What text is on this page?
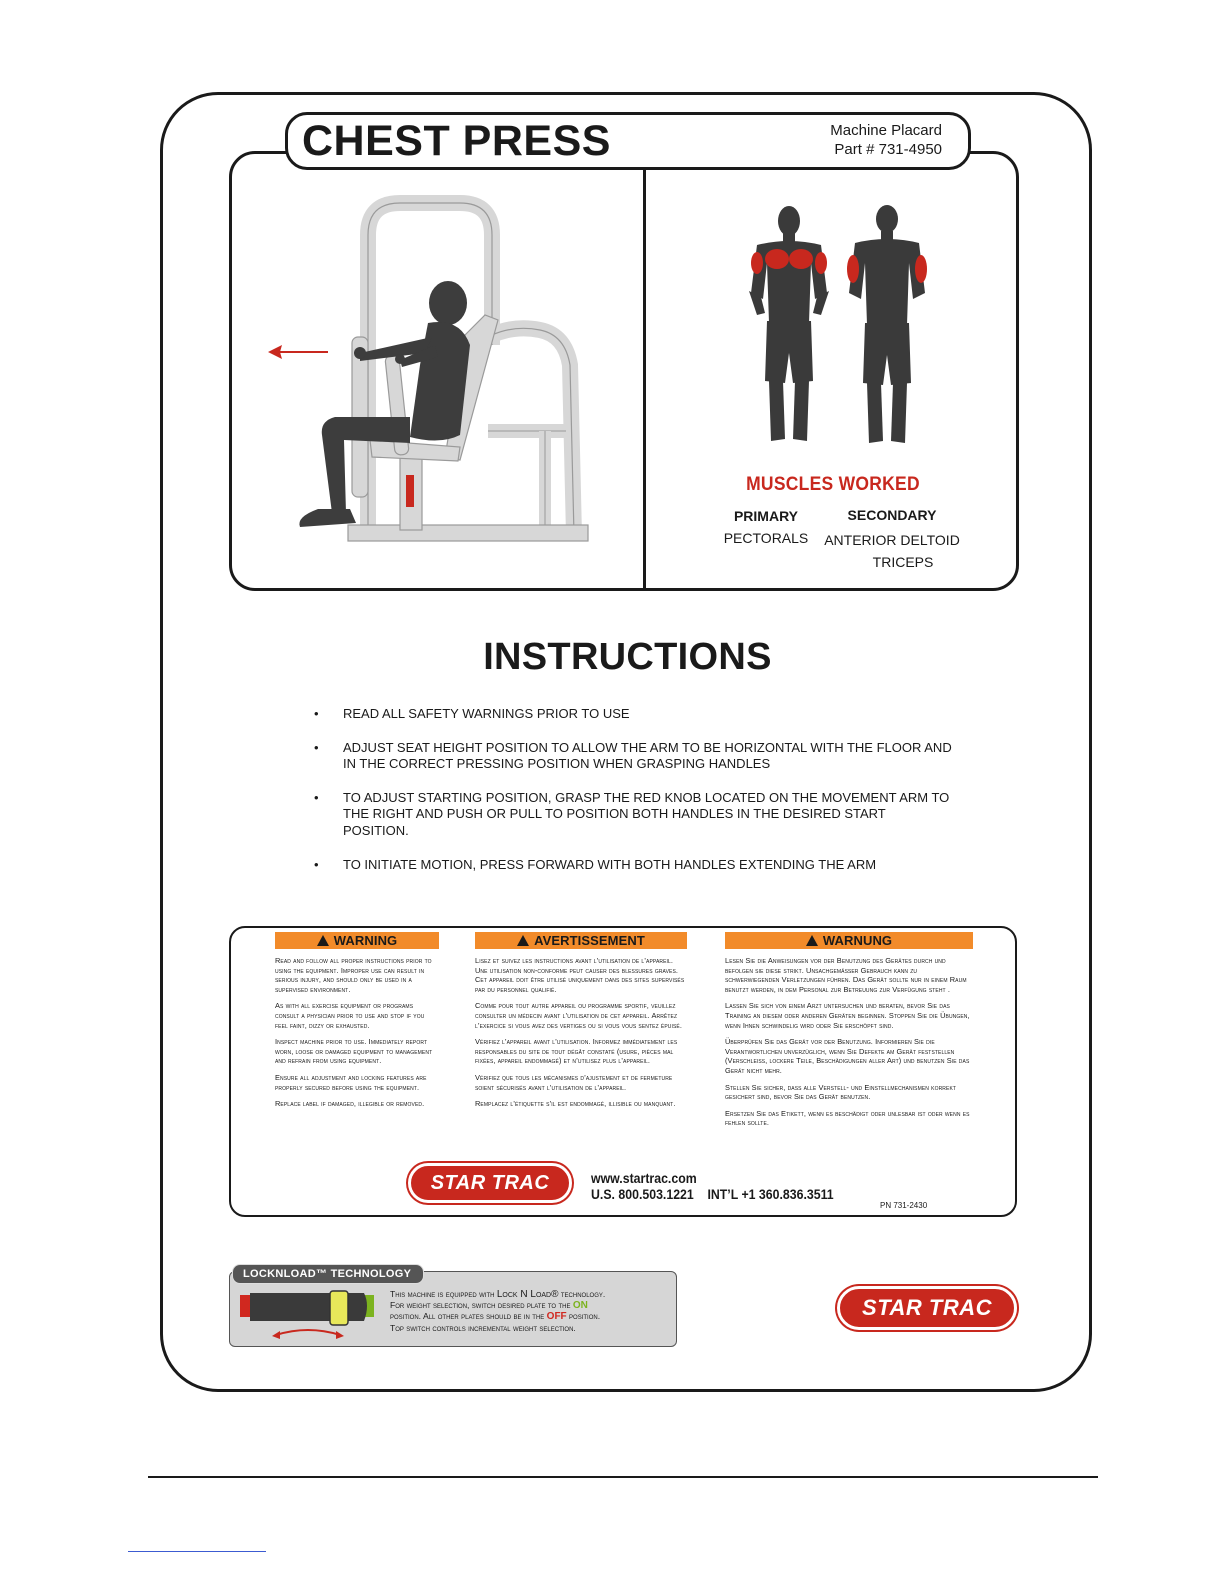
CHEST PRESS	Machine Placard
Part # 731-4950
MUSCLES WORKED
PRIMARY
PECTORALS
SECONDARY
ANTERIOR DELTOID
TRICEPS
INSTRUCTIONS
• READ ALL SAFETY WARNINGS PRIOR TO USE
• ADJUST SEAT HEIGHT POSITION TO ALLOW THE ARM TO BE HORIZONTAL WITH THE FLOOR AND IN THE CORRECT PRESSING POSITION WHEN GRASPING HANDLES
• TO ADJUST STARTING POSITION, GRASP THE RED KNOB LOCATED ON THE MOVEMENT ARM TO THE RIGHT AND PUSH OR PULL TO POSITION BOTH HANDLES IN THE DESIRED START POSITION.
• TO INITIATE MOTION, PRESS FORWARD WITH BOTH HANDLES EXTENDING THE ARM
WARNING

Read and follow all proper instructions prior to using the equipment. Improper use can result in serious injury, and should only be used in a supervised environment.

As with all exercise equipment or programs consult a physician prior to use and stop if you feel faint, dizzy or exhausted.

Inspect machine prior to use. Immediately report worn, loose or damaged equipment to management and refrain from using equipment.

Ensure all adjustment and locking features are properly secured before using the equipment.

Replace label if damaged, illegible or removed.

AVERTISSEMENT

Lisez et suivez les instructions avant l’utilisation de l’appareil. Une utilisation non-conforme peut causer des blessures graves. Cet appareil doit être utilisé uniquement dans des sites supervisés par du personnel qualifié.

Comme pour tout autre appareil ou programme sportif, veuillez consulter un médecin avant l’utilisation de cet appareil. Arrêtez l’exercice si vous avez des vertiges ou si vous vous sentez épuisé.

Vérifiez l’appareil avant l’utilisation. Informez immédiatement les responsables du site de tout dégât constaté (usure, pièces mal fixées, appareil endommagé) et n’utilisez plus l’appareil.

Vérifiez que tous les mécanismes d’ajustement et de fermeture soient sécurisés avant l’utilisation de l’appareil.

Remplacez l’étiquette s’il est endommagé, illisible ou manquant.

WARNUNG

Lesen Sie die Anweisungen vor der Benutzung des Gerätes durch und befolgen sie diese strikt. Unsachgemäßer Gebrauch kann zu schwerwiegenden Verletzungen führen. Das Gerät sollte nur in einem Raum benutzt werden, in dem Personal zur Betreuung zur Verfügung steht .

Lassen Sie sich von einem Arzt untersuchen und beraten, bevor Sie das Training an diesem oder anderen Geräten beginnen. Stoppen Sie die Übungen, wenn Ihnen schwindelig wird oder Sie erschöpft sind.

Überprüfen Sie das Gerät vor der Benutzung. Informieren Sie die Verantwortlichen unverzüglich, wenn Sie Defekte am Gerät feststellen (Verschleiß, lockere Teile, Beschädigungen aller Art) und benutzen Sie das Gerät nicht mehr.

Stellen Sie sicher, daß alle Verstell- und Einstellmechanismen korrekt gesichert sind, bevor Sie das Gerät benutzen.

Ersetzen Sie das Etikett, wenn es beschädigt oder unlesbar ist oder wenn es fehlen sollte.

STAR TRAC	www.startrac.com
U.S. 800.503.1221 INT’L +1 360.836.3511
PN 731-2430
LOCKNLOAD™ TECHNOLOGY
This machine is equipped with Lock N Load® technology.
For weight selection, switch desired plate to the ON
position. All other plates should be in the OFF position.
Top switch controls incremental weight selection.
STAR TRAC
